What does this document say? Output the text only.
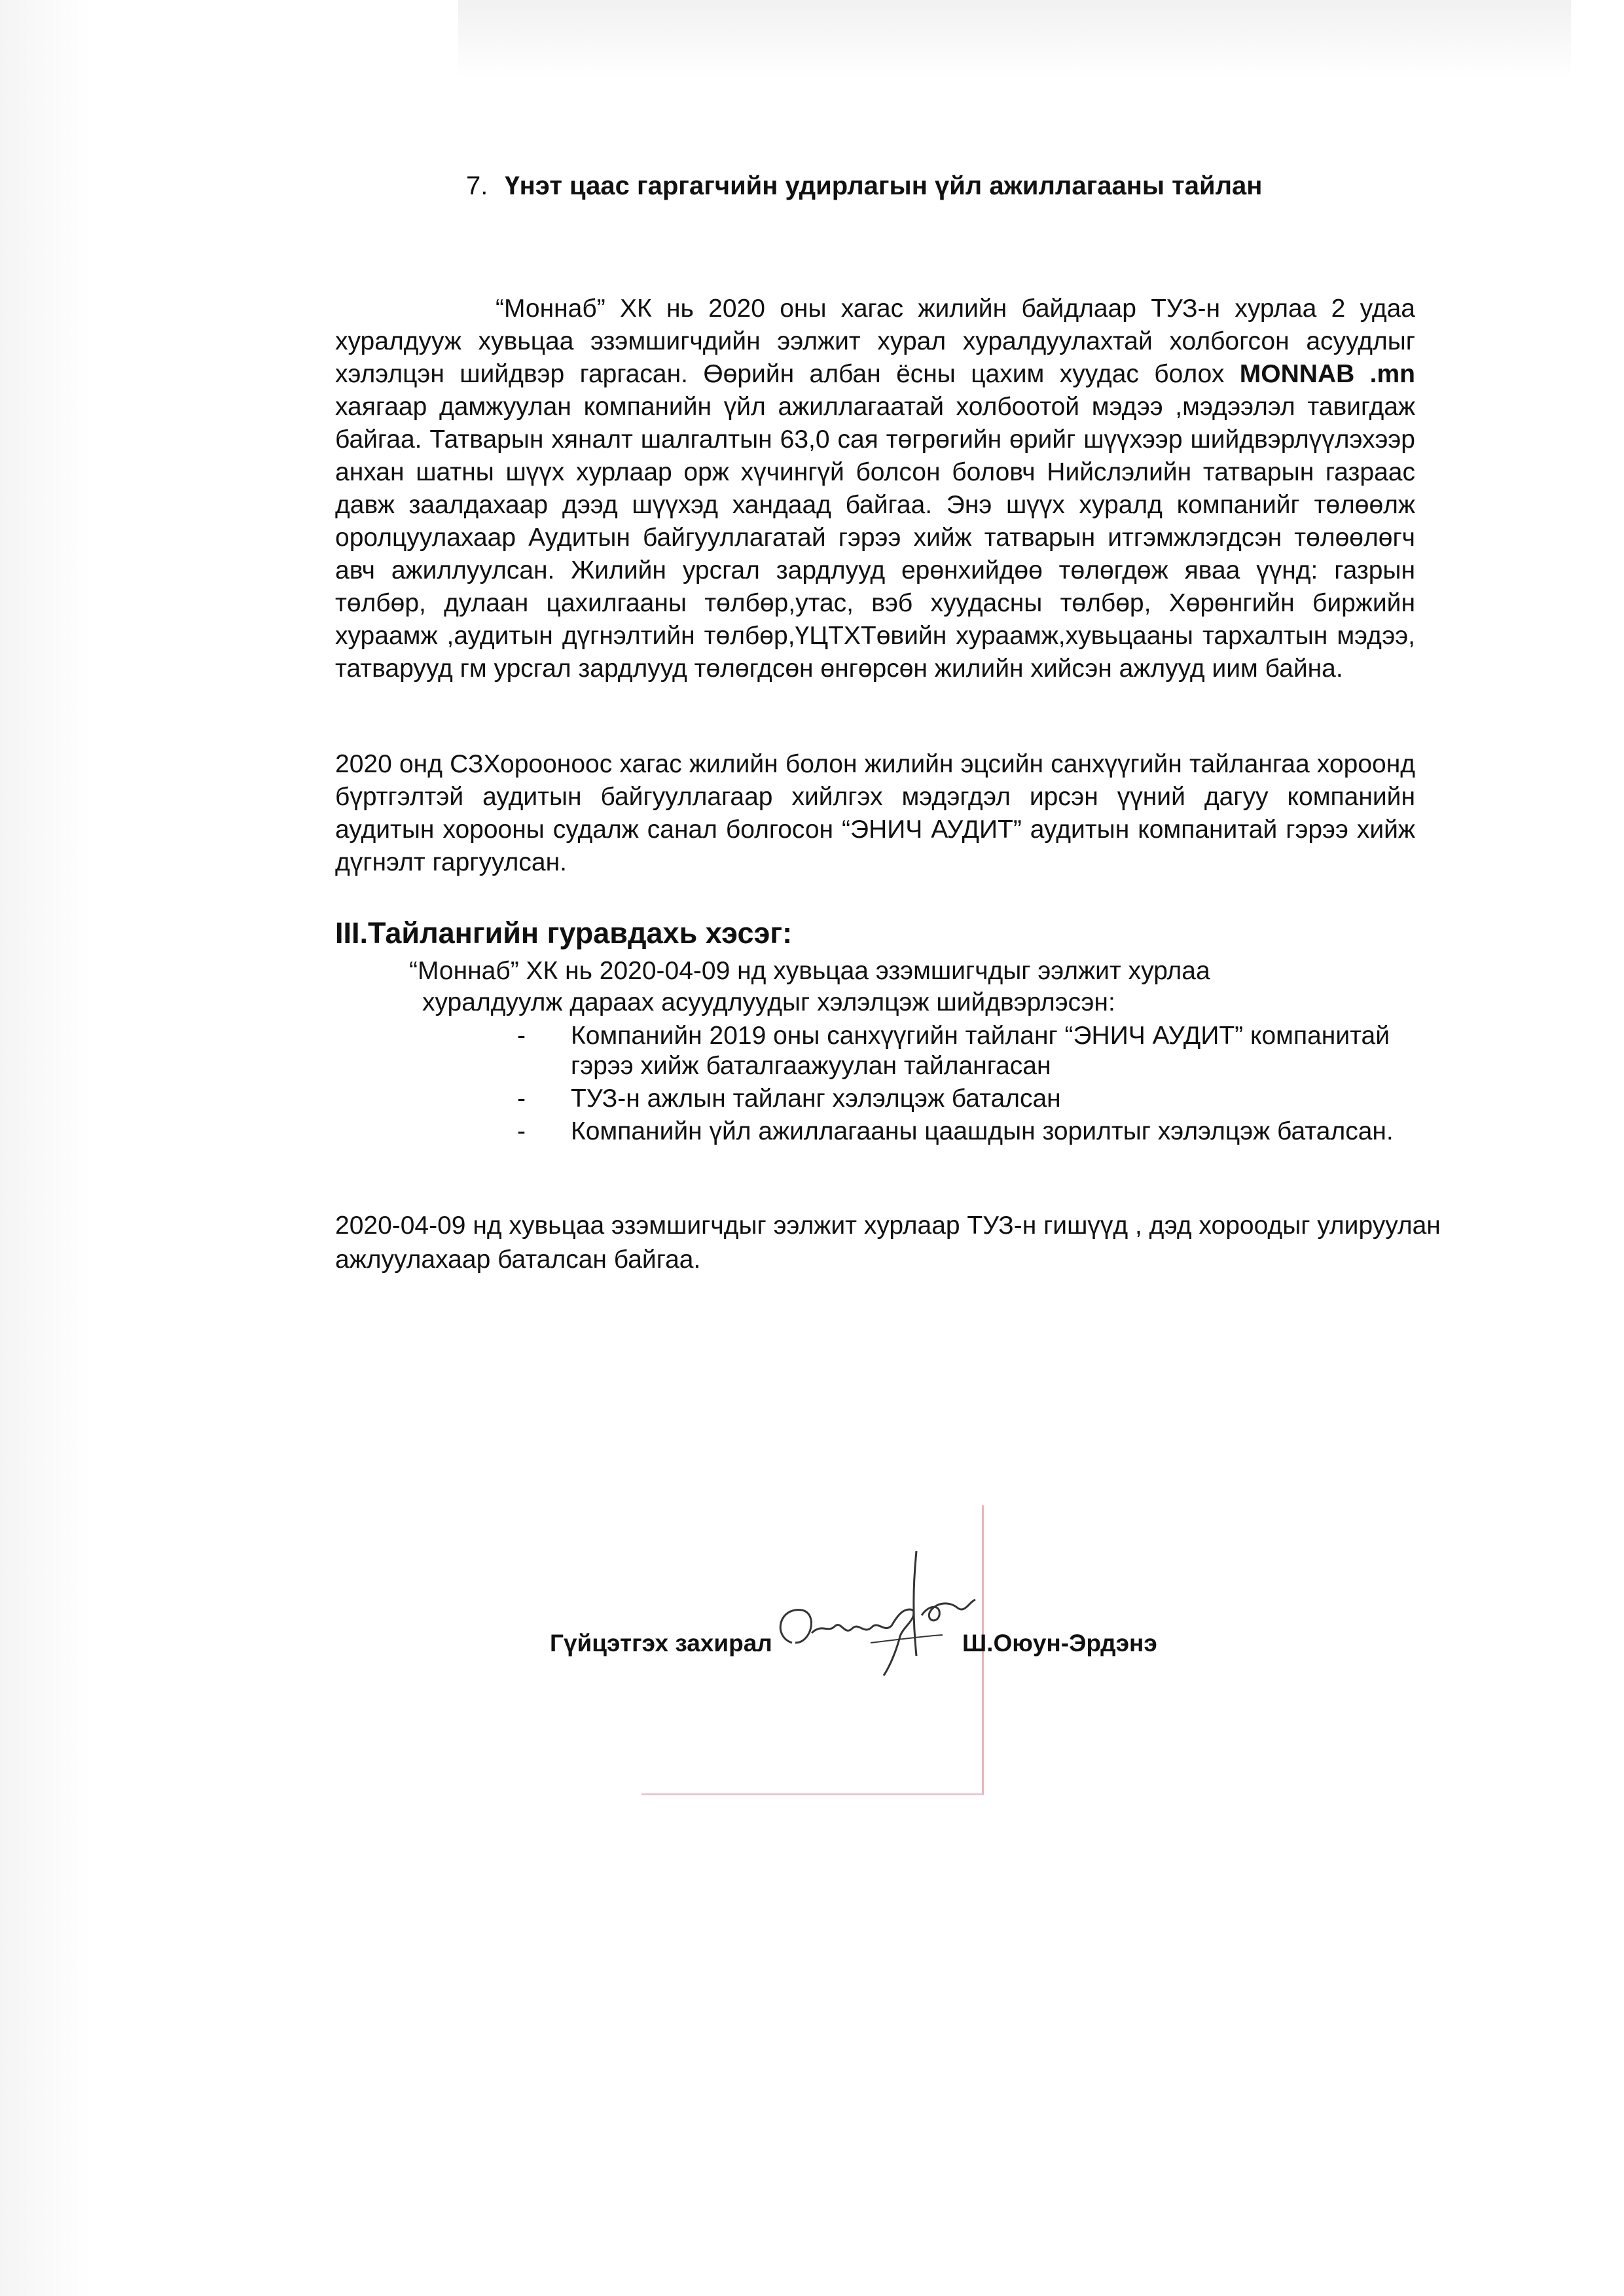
7. Үнэт цаас гаргагчийн удирлагын үйл ажиллагааны тайлан

“Моннаб” ХК нь 2020 оны хагас жилийн байдлаар ТУЗ-н хурлаа 2 удаа хуралдууж хувьцаа эзэмшигчдийн ээлжит хурал хуралдуулахтай холбогсон асуудлыг хэлэлцэн шийдвэр гаргасан. Өөрийн албан ёсны цахим хуудас болох MONNAB .mn хаягаар дамжуулан компанийн үйл ажиллагаатай холбоотой мэдээ ,мэдээлэл тавигдаж байгаа. Татварын хяналт шалгалтын 63,0 сая төгрөгийн өрийг шүүхээр шийдвэрлүүлэхээр анхан шатны шүүх хурлаар орж хүчингүй болсон боловч Нийслэлийн татварын газраас давж заалдахаар дээд шүүхэд хандаад байгаа. Энэ шүүх хуралд компанийг төлөөлж оролцуулахаар Аудитын байгууллагатай гэрээ хийж татварын итгэмжлэгдсэн төлөөлөгч авч ажиллуулсан. Жилийн урсгал зардлууд ерөнхийдөө төлөгдөж яваа үүнд: газрын төлбөр, дулаан цахилгааны төлбөр,утас, вэб хуудасны төлбөр, Хөрөнгийн биржийн хураамж ,аудитын дүгнэлтийн төлбөр,ҮЦТХТөвийн хураамж,хувьцааны тархалтын мэдээ, татварууд гм урсгал зардлууд төлөгдсөн өнгөрсөн жилийн хийсэн ажлууд иим байна.

2020 онд СЗХорооноос хагас жилийн болон жилийн эцсийн санхүүгийн тайлангаа хороонд бүртгэлтэй аудитын байгууллагаар хийлгэх мэдэгдэл ирсэн үүний дагуу компанийн аудитын хорооны судалж санал болгосон “ЭНИЧ АУДИТ” аудитын компанитай гэрээ хийж дүгнэлт гаргуулсан.

III.Тайлангийн гуравдахь хэсэг:
“Моннаб” ХК нь 2020-04-09 нд хувьцаа эзэмшигчдыг ээлжит хурлаа
хуралдуулж дараах асуудлуудыг хэлэлцэж шийдвэрлэсэн:
- Компанийн 2019 оны санхүүгийн тайланг “ЭНИЧ АУДИТ” компанитай гэрээ хийж баталгаажуулан тайлангасан
- ТУЗ-н ажлын тайланг хэлэлцэж баталсан
- Компанийн үйл ажиллагааны цаашдын зорилтыг хэлэлцэж баталсан.

2020-04-09 нд хувьцаа эзэмшигчдыг ээлжит хурлаар ТУЗ-н гишүүд , дэд хороодыг улируулан ажлуулахаар баталсан байгаа.

Гүйцэтгэх захирал	Ш.Оюун-Эрдэнэ
